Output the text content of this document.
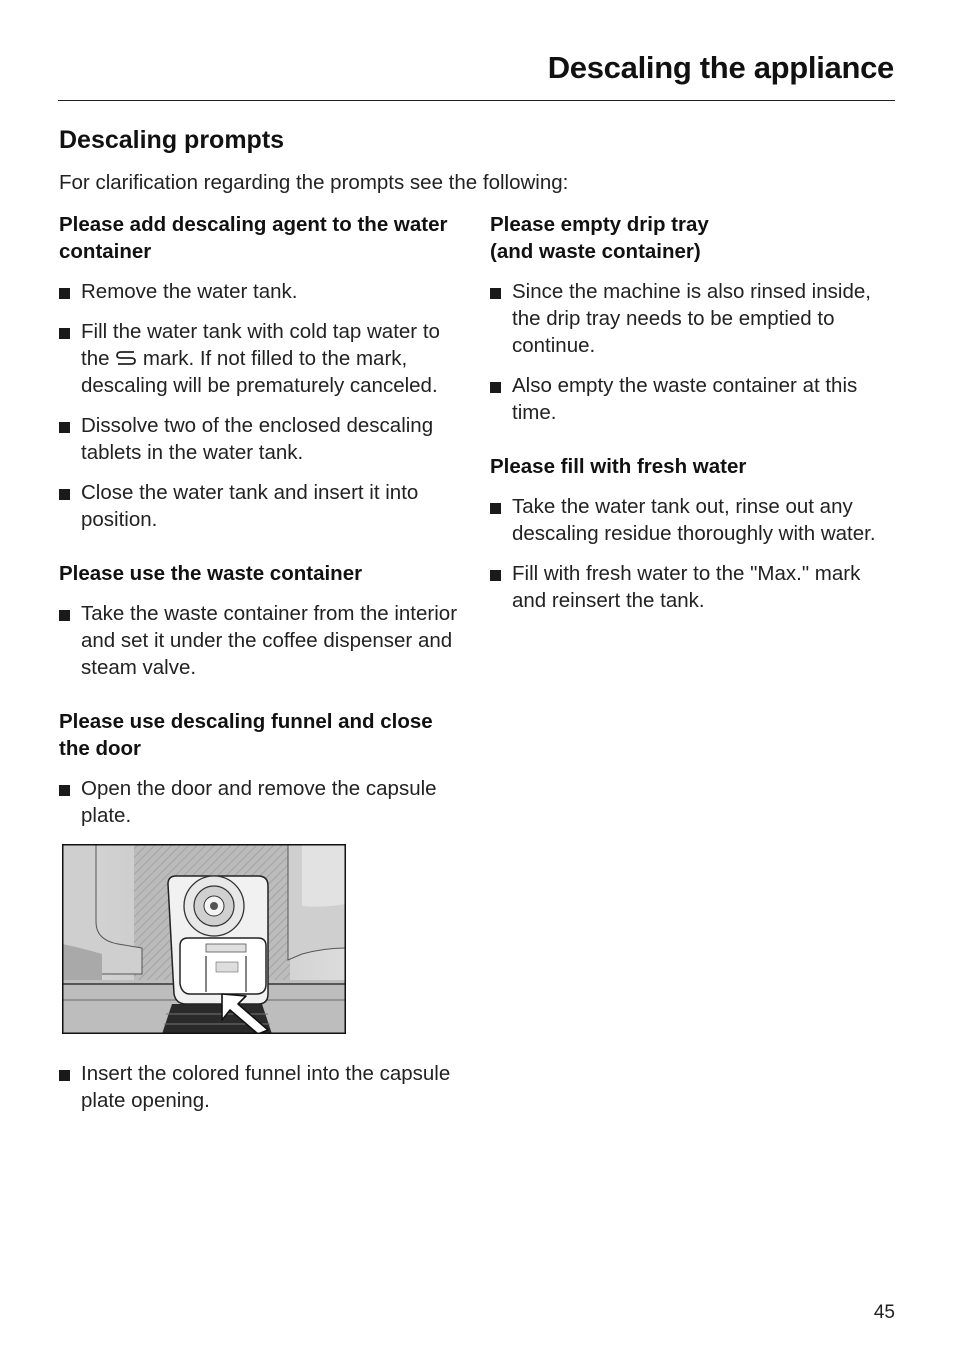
Descaling the appliance
Descaling prompts
For clarification regarding the prompts see the following:
Please add descaling agent to the water container
Remove the water tank.
Fill the water tank with cold tap water to the  mark. If not filled to the mark, descaling will be prematurely canceled.
Dissolve two of the enclosed descaling tablets in the water tank.
Close the water tank and insert it into position.
Please use the waste container
Take the waste container from the interior and set it under the coffee dispenser and steam valve.
Please use descaling funnel and close the door
Open the door and remove the capsule plate.
Insert the colored funnel into the capsule plate opening.
Please empty drip tray
(and waste container)
Since the machine is also rinsed inside, the drip tray needs to be emptied to continue.
Also empty the waste container at this time.
Please fill with fresh water
Take the water tank out, rinse out any descaling residue thoroughly with water.
Fill with fresh water to the "Max." mark and reinsert the tank.
45
